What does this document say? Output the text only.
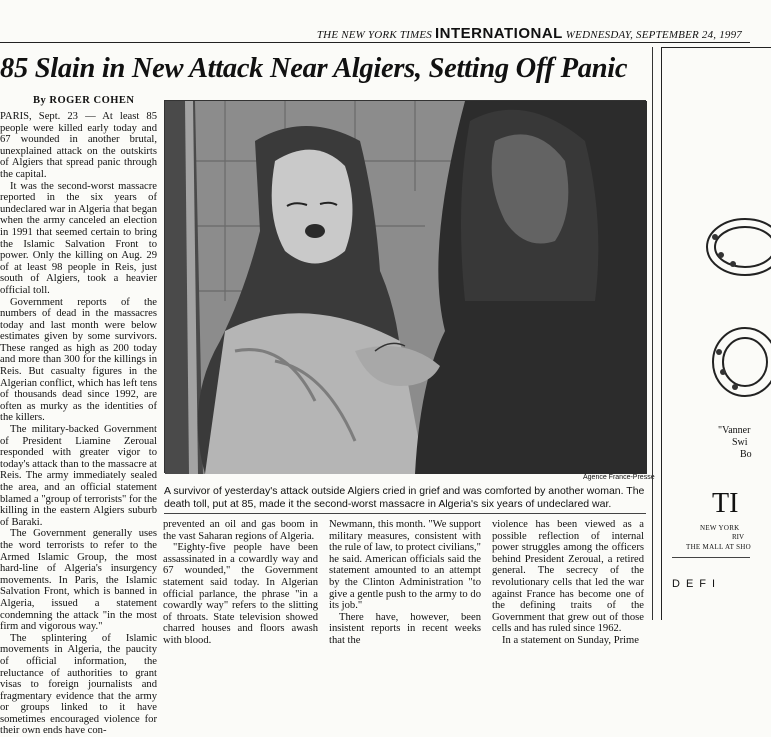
THE NEW YORK TIMES INTERNATIONAL WEDNESDAY, SEPTEMBER 24, 1997
85 Slain in New Attack Near Algiers, Setting Off Panic
By ROGER COHEN

PARIS, Sept. 23 — At least 85 people were killed early today and 67 wounded in another brutal, unexplained attack on the outskirts of Algiers that spread panic through the capital.

It was the second-worst massacre reported in the six years of undeclared war in Algeria that began when the army canceled an election in 1991 that seemed certain to bring the Islamic Salvation Front to power. Only the killing on Aug. 29 of at least 98 people in Reis, just south of Algiers, took a heavier official toll.

Government reports of the numbers of dead in the massacres today and last month were below estimates given by some survivors. These ranged as high as 200 today and more than 300 for the killings in Reis. But casualty figures in the Algerian conflict, which has left tens of thousands dead since 1992, are often as murky as the identities of the killers.

The military-backed Government of President Liamine Zeroual responded with greater vigor to today's attack than to the massacre at Reis. The army immediately sealed the area, and an official statement blamed a "group of terrorists" for the killing in the eastern Algiers suburb of Baraki.

The Government generally uses the word terrorists to refer to the Armed Islamic Group, the most hard-line of Algeria's insurgency movements. In Paris, the Islamic Salvation Front, which is banned in Algeria, issued a statement condemning the attack "in the most firm and vigorous way."

The splintering of Islamic movements in Algeria, the paucity of official information, the reluctance of authorities to grant visas to foreign journalists and fragmentary evidence that the army or groups linked to it have sometimes encouraged violence for their own ends have con-

Agence France-Presse

A survivor of yesterday's attack outside Algiers cried in grief and was comforted by another woman. The death toll, put at 85, made it the second-worst massacre in Algeria's six years of undeclared war.

prevented an oil and gas boom in the vast Saharan regions of Algeria.

"Eighty-five people have been assassinated in a cowardly way and 67 wounded," the Government statement said today. In Algerian official parlance, the phrase "in a cowardly way" refers to the slitting of throats. State television showed charred houses and floors awash with blood.

Newmann, this month. "We support military measures, consistent with the rule of law, to protect civilians," he said. American officials said the statement amounted to an attempt by the Clinton Administration "to give a gentle push to the army to do its job."

There have, however, been insistent reports in recent weeks that the

violence has been viewed as a possible reflection of internal power struggles among the officers behind President Zeroual, a retired general. The secrecy of the revolutionary cells that led the war against France has become one of the defining traits of the Government that grew out of those cells and has ruled since 1962.

In a statement on Sunday, Prime

"Vanner
Swi
Bo
TI
NEW YORK
RIV
THE MALL AT SHO
DEFI
